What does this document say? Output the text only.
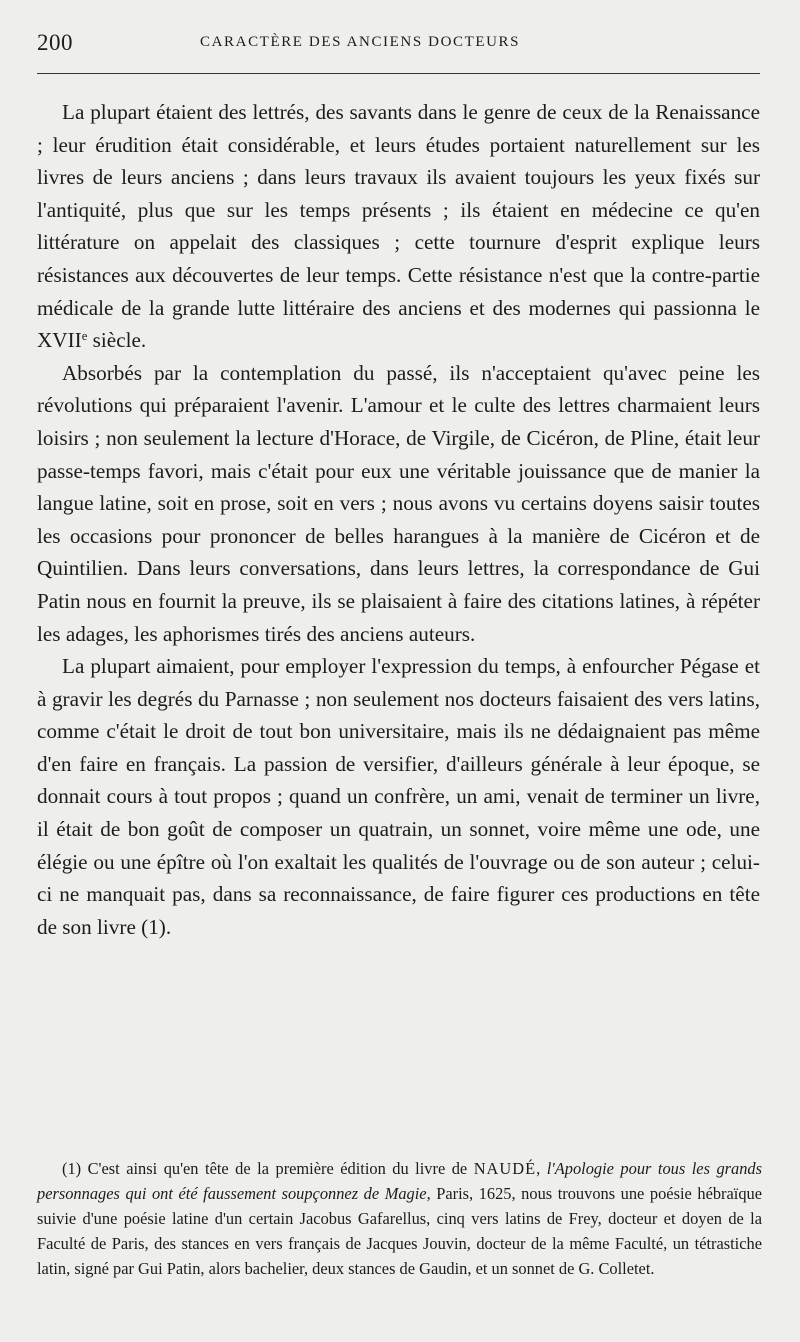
200	CARACTÈRE DES ANCIENS DOCTEURS

La plupart étaient des lettrés, des savants dans le genre de ceux de la Renaissance ; leur érudition était considérable, et leurs études portaient naturellement sur les livres de leurs anciens ; dans leurs travaux ils avaient toujours les yeux fixés sur l'antiquité, plus que sur les temps présents ; ils étaient en médecine ce qu'en littérature on appelait des classiques ; cette tournure d'esprit explique leurs résistances aux découvertes de leur temps. Cette résistance n'est que la contre-partie médicale de la grande lutte littéraire des anciens et des modernes qui passionna le XVIIe siècle.

Absorbés par la contemplation du passé, ils n'acceptaient qu'avec peine les révolutions qui préparaient l'avenir. L'amour et le culte des lettres charmaient leurs loisirs ; non seulement la lecture d'Horace, de Virgile, de Cicéron, de Pline, était leur passe-temps favori, mais c'était pour eux une véritable jouissance que de manier la langue latine, soit en prose, soit en vers ; nous avons vu certains doyens saisir toutes les occasions pour prononcer de belles harangues à la manière de Cicéron et de Quintilien. Dans leurs conversations, dans leurs lettres, la correspondance de Gui Patin nous en fournit la preuve, ils se plaisaient à faire des citations latines, à répéter les adages, les aphorismes tirés des anciens auteurs.

La plupart aimaient, pour employer l'expression du temps, à enfourcher Pégase et à gravir les degrés du Parnasse ; non seulement nos docteurs faisaient des vers latins, comme c'était le droit de tout bon universitaire, mais ils ne dédaignaient pas même d'en faire en français. La passion de versifier, d'ailleurs générale à leur époque, se donnait cours à tout propos ; quand un confrère, un ami, venait de terminer un livre, il était de bon goût de composer un quatrain, un sonnet, voire même une ode, une élégie ou une épître où l'on exaltait les qualités de l'ouvrage ou de son auteur ; celui-ci ne manquait pas, dans sa reconnaissance, de faire figurer ces productions en tête de son livre (1).

(1) C'est ainsi qu'en tête de la première édition du livre de NAUDÉ, l'Apologie pour tous les grands personnages qui ont été faussement soupçonnez de Magie, Paris, 1625, nous trouvons une poésie hébraïque suivie d'une poésie latine d'un certain Jacobus Gafarellus, cinq vers latins de Frey, docteur et doyen de la Faculté de Paris, des stances en vers français de Jacques Jouvin, docteur de la même Faculté, un tétrastiche latin, signé par Gui Patin, alors bachelier, deux stances de Gaudin, et un sonnet de G. Colletet.
